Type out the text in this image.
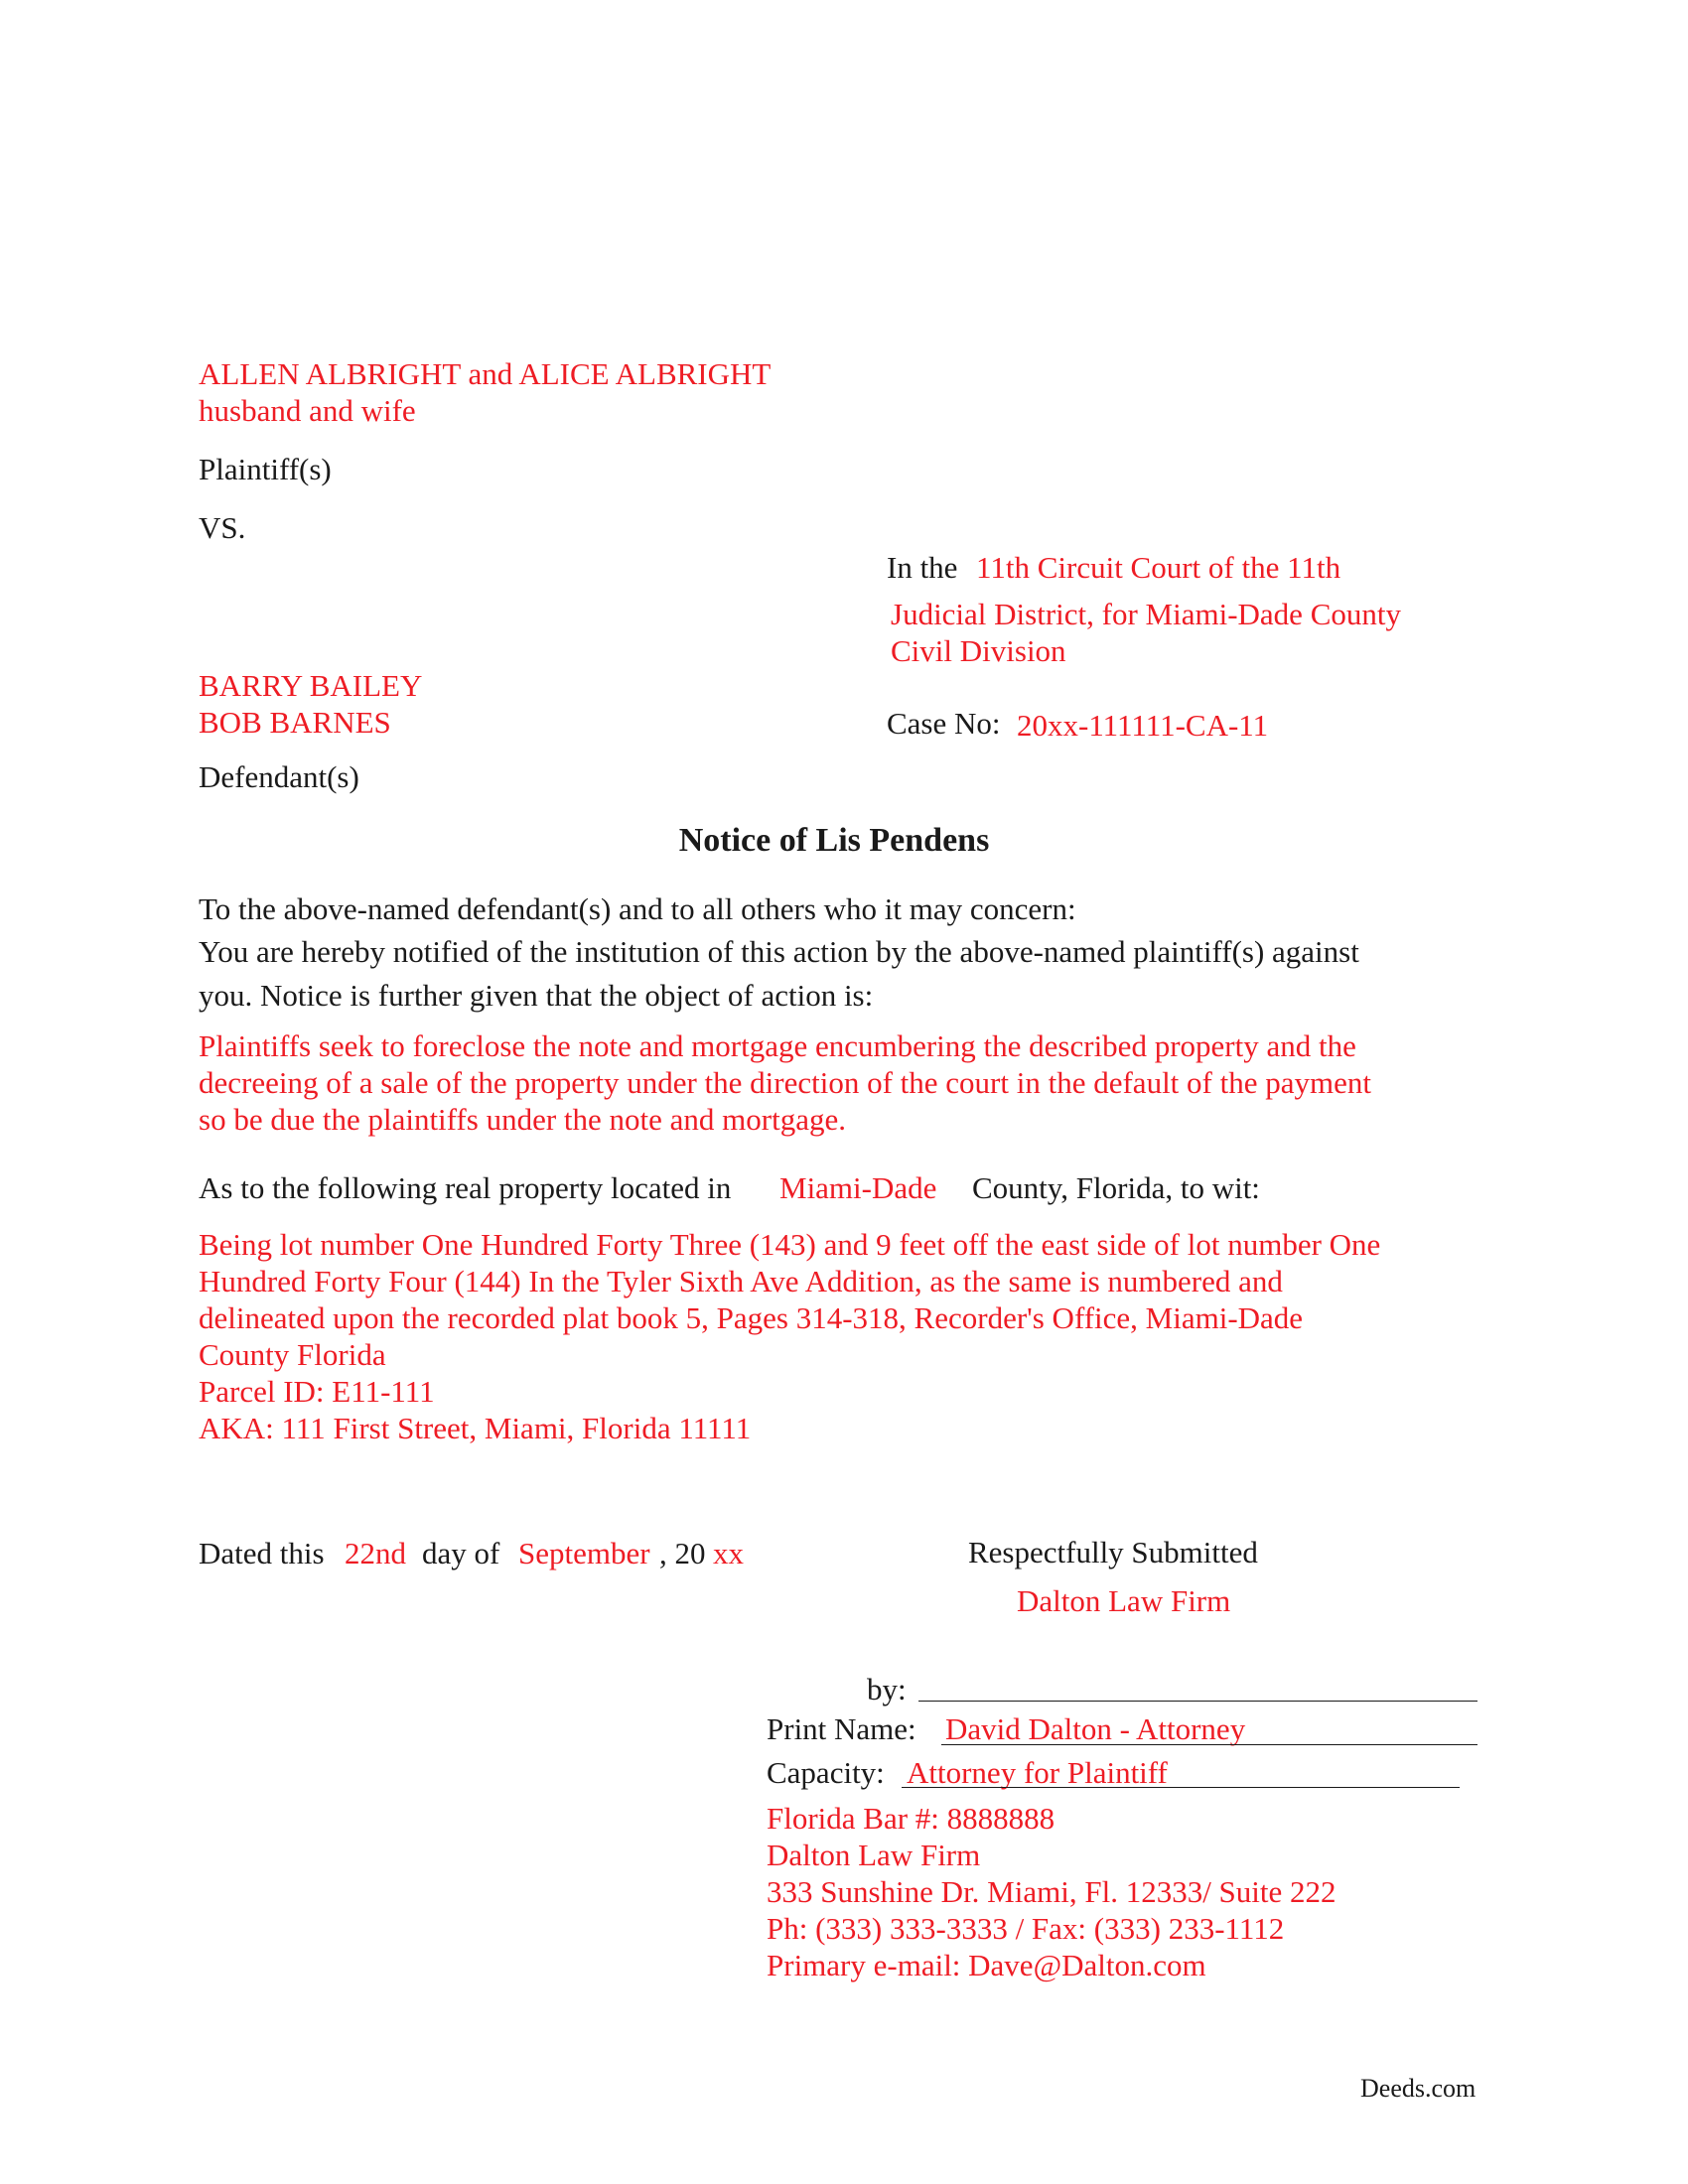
ALLEN ALBRIGHT and ALICE ALBRIGHT
husband and wife
Plaintiff(s)
VS.
In the 11th Circuit Court of the 11th
Judicial District, for Miami-Dade County
Civil Division
BARRY BAILEY
BOB BARNES
Defendant(s)
Case No: 20xx-111111-CA-11
Notice of Lis Pendens
To the above-named defendant(s) and to all others who it may concern:
You are hereby notified of the institution of this action by the above-named plaintiff(s) against
you. Notice is further given that the object of action is:
Plaintiffs seek to foreclose the note and mortgage encumbering the described property and the
decreeing of a sale of the property under the direction of the court in the default of the payment
so be due the plaintiffs under the note and mortgage.
As to the following real property located in Miami-Dade County, Florida, to wit:
Being lot number One Hundred Forty Three (143) and 9 feet off the east side of lot number One
Hundred Forty Four (144) In the Tyler Sixth Ave Addition, as the same is numbered and
delineated upon the recorded plat book 5, Pages 314-318, Recorder's Office, Miami-Dade
County Florida
Parcel ID: E11-111
AKA: 111 First Street, Miami, Florida 11111
Dated this 22nd day of September , 20 xx	Respectfully Submitted
Dalton Law Firm
by:
Print Name: David Dalton - Attorney
Capacity: Attorney for Plaintiff
Florida Bar #: 8888888
Dalton Law Firm
333 Sunshine Dr. Miami, Fl. 12333/ Suite 222
Ph: (333) 333-3333 / Fax: (333) 233-1112
Primary e-mail: Dave@Dalton.com
Deeds.com
